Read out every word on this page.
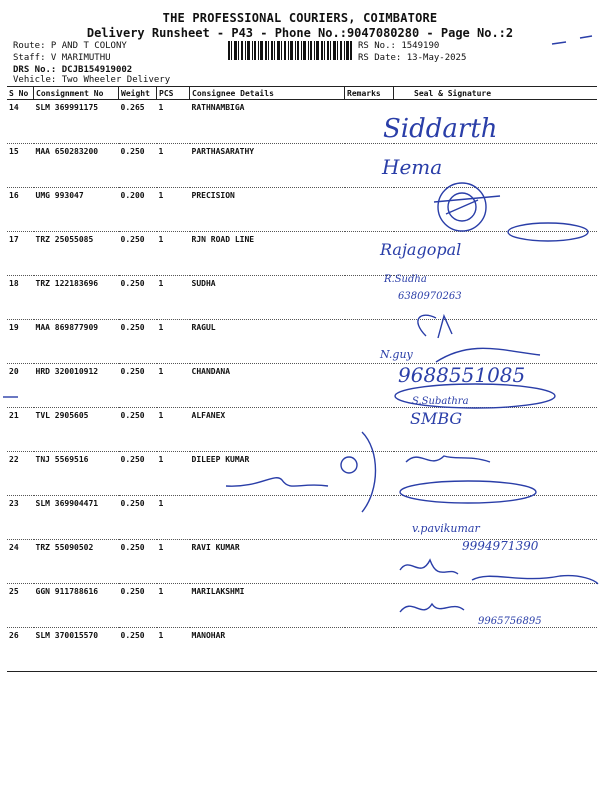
THE PROFESSIONAL COURIERS, COIMBATORE
Delivery Runsheet - P43 - Phone No.:9047080280 - Page No.:2
Route: P AND T COLONY
Staff: V MARIMUTHU
DRS No.: DCJB154919002
Vehicle: Two Wheeler Delivery
RS No.: 1549190
RS Date: 13-May-2025
S No	Consignment No	Weight	PCS	Consignee Details	Remarks	Seal & Signature
14	SLM 369991175	0.265	1	RATHNAMBIGA		
15	MAA 650283200	0.250	1	PARTHASARATHY		
16	UMG 993047	0.200	1	PRECISION		
17	TRZ 25055085	0.250	1	RJN ROAD LINE		
18	TRZ 122183696	0.250	1	SUDHA		
19	MAA 869877909	0.250	1	RAGUL		
20	HRD 320010912	0.250	1	CHANDANA		
21	TVL 2905605	0.250	1	ALFANEX		
22	TNJ 5569516	0.250	1	DILEEP KUMAR		
23	SLM 369904471	0.250	1			
24	TRZ 55090502	0.250	1	RAVI KUMAR		
25	GGN 911788616	0.250	1	MARILAKSHMI		
26	SLM 370015570	0.250	1	MANOHAR		
Siddarth
Hema
Rajagopal
R.Sudha
6380970263
N.guy
9688551085
S.Subathra
SMBG
v.pavikumar
9994971390
9965756895
